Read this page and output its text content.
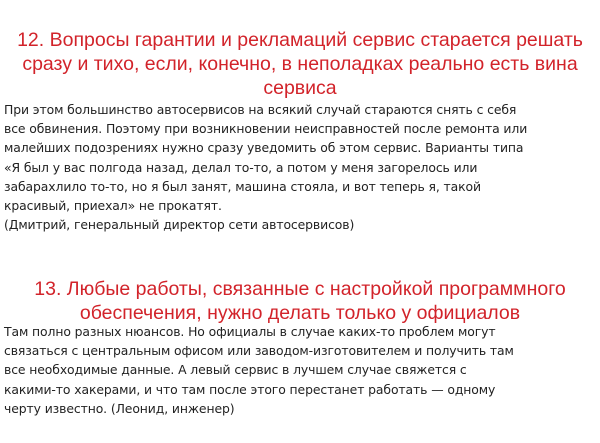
12. Вопросы гарантии и рекламаций сервис старается решать
сразу и тихо, если, конечно, в неполадках реально есть вина
сервиса

При этом большинство автосервисов на всякий случай стараются снять с себя
все обвинения. Поэтому при возникновении неисправностей после ремонта или
малейших подозрениях нужно сразу уведомить об этом сервис. Варианты типа
«Я был у вас полгода назад, делал то-то, а потом у меня загорелось или
забарахлило то-то, но я был занят, машина стояла, и вот теперь я, такой
красивый, приехал» не прокатят.
(Дмитрий, генеральный директор сети автосервисов)

13. Любые работы, связанные с настройкой программного
обеспечения, нужно делать только у официалов

Там полно разных нюансов. Но официалы в случае каких-то проблем могут
связаться с центральным офисом или заводом-изготовителем и получить там
все необходимые данные. А левый сервис в лучшем случае свяжется с
какими-то хакерами, и что там после этого перестанет работать — одному
черту известно. (Леонид, инженер)
